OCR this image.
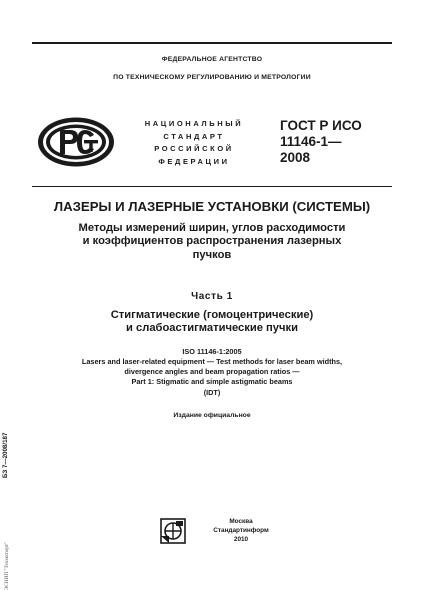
ФЕДЕРАЛЬНОЕ АГЕНТСТВО
ПО ТЕХНИЧЕСКОМУ РЕГУЛИРОВАНИЮ И МЕТРОЛОГИИ
НАЦИОНАЛЬНЫЙ
СТАНДАРТ
РОССИЙСКОЙ
ФЕДЕРАЦИИ
ГОСТ Р ИСО
11146-1—
2008
ЛАЗЕРЫ И ЛАЗЕРНЫЕ УСТАНОВКИ (СИСТЕМЫ)
Методы измерений ширин, углов расходимости
и коэффициентов распространения лазерных
пучков
Часть 1
Стигматические (гомоцентрические)
и слабоастигматические пучки
ISO 11146-1:2005
Lasers and laser-related equipment — Test methods for laser beam widths,
divergence angles and beam propagation ratios —
Part 1: Stigmatic and simple astigmatic beams
(IDT)
Издание официальное
БЗ 7—2008/187
ЭСНИП "Техэксперт"
Москва
Стандартинформ
2010
